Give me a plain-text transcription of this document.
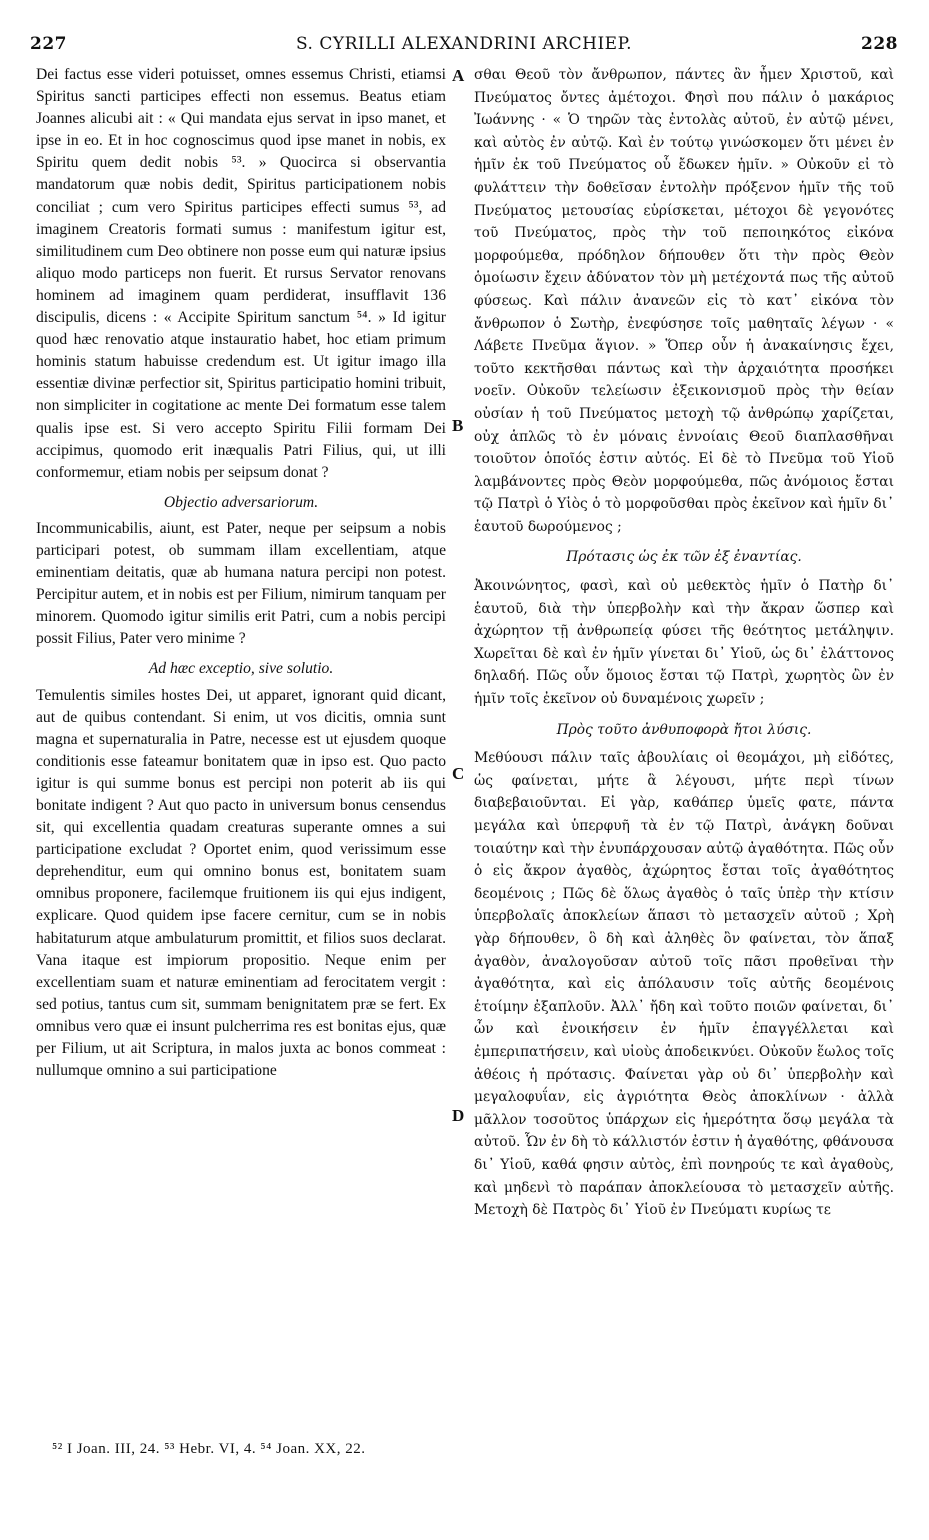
227	S. CYRILLI ALEXANDRINI ARCHIEP.	228

Dei factus esse videri potuisset, omnes essemus Christi, etiamsi Spiritus sancti participes effecti non essemus. Beatus etiam Joannes alicubi ait : « Qui mandata ejus servat in ipso manet, et ipse in eo. Et in hoc cognoscimus quod ipse manet in nobis, ex Spiritu quem dedit nobis ⁵³. » Quocirca si observantia mandatorum quæ nobis dedit, Spiritus participationem nobis conciliat ; cum vero Spiritus participes effecti sumus ⁵³, ad imaginem Creatoris formati sumus : manifestum igitur est, similitudinem cum Deo obtinere non posse eum qui naturæ ipsius aliquo modo particeps non fuerit. Et rursus Servator renovans hominem ad imaginem quam perdiderat, insufflavit 136 discipulis, dicens : « Accipite Spiritum sanctum ⁵⁴. » Id igitur quod hæc renovatio atque instauratio habet, hoc etiam primum hominis statum habuisse credendum est. Ut igitur imago illa essentiæ divinæ perfectior sit, Spiritus participatio homini tribuit, non simpliciter in cogitatione ac mente Dei formatum esse talem qualis ipse est. Si vero accepto Spiritu Filii formam Dei accipimus, quomodo erit inæqualis Patri Filius, qui, ut illi conformemur, etiam nobis per seipsum donat ?

Objectio adversariorum.

Incommunicabilis, aiunt, est Pater, neque per seipsum a nobis participari potest, ob summam illam excellentiam, atque eminentiam deitatis, quæ ab humana natura percipi non potest. Percipitur autem, et in nobis est per Filium, nimirum tanquam per minorem. Quomodo igitur similis erit Patri, cum a nobis percipi possit Filius, Pater vero minime ?

Ad hæc exceptio, sive solutio.

Temulentis similes hostes Dei, ut apparet, ignorant quid dicant, aut de quibus contendant. Si enim, ut vos dicitis, omnia sunt magna et supernaturalia in Patre, necesse est ut ejusdem quoque conditionis esse fateamur bonitatem quæ in ipso est. Quo pacto igitur is qui summe bonus est percipi non poterit ab iis qui bonitate indigent ? Aut quo pacto in universum bonus censendus sit, qui excellentia quadam creaturas superante omnes a sui participatione excludat ? Oportet enim, quod verissimum esse deprehenditur, eum qui omnino bonus est, bonitatem suam omnibus proponere, facilemque fruitionem iis qui ejus indigent, explicare. Quod quidem ipse facere cernitur, cum se in nobis habitaturum atque ambulaturum promittit, et filios suos declarat. Vana itaque est impiorum propositio. Neque enim per excellentiam suam et naturæ eminentiam ad ferocitatem vergit : sed potius, tantus cum sit, summam benignitatem præ se fert. Ex omnibus vero quæ ei insunt pulcherrima res est bonitas ejus, quæ per Filium, ut ait Scriptura, in malos juxta ac bonos commeat : nullumque omnino a sui participatione

A
B
C
D

σθαι Θεοῦ τὸν ἄνθρωπον, πάντες ἂν ἦμεν Χριστοῦ, καὶ Πνεύματος ὄντες ἀμέτοχοι. Φησὶ που πάλιν ὁ μακάριος Ἰωάννης · « Ὁ τηρῶν τὰς ἐντολὰς αὐτοῦ, ἐν αὐτῷ μένει, καὶ αὐτὸς ἐν αὐτῷ. Καὶ ἐν τούτῳ γινώσκομεν ὅτι μένει ἐν ἡμῖν ἐκ τοῦ Πνεύματος οὗ ἔδωκεν ἡμῖν. » Οὐκοῦν εἰ τὸ φυλάττειν τὴν δοθεῖσαν ἐντολὴν πρόξενον ἡμῖν τῆς τοῦ Πνεύματος μετουσίας εὑρίσκεται, μέτοχοι δὲ γεγονότες τοῦ Πνεύματος, πρὸς τὴν τοῦ πεποιηκότος εἰκόνα μορφούμεθα, πρόδηλον δήπουθεν ὅτι τὴν πρὸς Θεὸν ὁμοίωσιν ἔχειν ἀδύνατον τὸν μὴ μετέχοντά πως τῆς αὐτοῦ φύσεως. Καὶ πάλιν ἀνανεῶν εἰς τὸ κατ᾽ εἰκόνα τὸν ἄνθρωπον ὁ Σωτὴρ, ἐνεφύσησε τοῖς μαθηταῖς λέγων · « Λάβετε Πνεῦμα ἅγιον. » Ὅπερ οὖν ἡ ἀνακαίνησις ἔχει, τοῦτο κεκτῆσθαι πάντως καὶ τὴν ἀρχαιότητα προσήκει νοεῖν. Οὐκοῦν τελείωσιν ἐξεικονισμοῦ πρὸς τὴν θείαν οὐσίαν ἡ τοῦ Πνεύματος μετοχὴ τῷ ἀνθρώπῳ χαρίζεται, οὐχ ἁπλῶς τὸ ἐν μόναις ἐννοίαις Θεοῦ διαπλασθῆναι τοιοῦτον ὁποῖός ἐστιν αὐτός. Εἰ δὲ τὸ Πνεῦμα τοῦ Υἱοῦ λαμβάνοντες πρὸς Θεὸν μορφούμεθα, πῶς ἀνόμοιος ἔσται τῷ Πατρὶ ὁ Υἱὸς ὁ τὸ μορφοῦσθαι πρὸς ἐκεῖνον καὶ ἡμῖν δι᾽ ἑαυτοῦ δωρούμενος ;

Πρότασις ὡς ἐκ τῶν ἐξ ἐναντίας.

Ἀκοινώνητος, φασὶ, καὶ οὐ μεθεκτὸς ἡμῖν ὁ Πατὴρ δι᾽ ἑαυτοῦ, διὰ τὴν ὑπερβολὴν καὶ τὴν ἄκραν ὥσπερ καὶ ἀχώρητον τῇ ἀνθρωπείᾳ φύσει τῆς θεότητος μετάληψιν. Χωρεῖται δὲ καὶ ἐν ἡμῖν γίνεται δι᾽ Υἱοῦ, ὡς δι᾽ ἐλάττονος δηλαδή. Πῶς οὖν ὅμοιος ἔσται τῷ Πατρὶ, χωρητὸς ὢν ἐν ἡμῖν τοῖς ἐκεῖνον οὐ δυναμένοις χωρεῖν ;

Πρὸς τοῦτο ἀνθυποφορὰ ἤτοι λύσις.

Μεθύουσι πάλιν ταῖς ἀβουλίαις οἱ θεομάχοι, μὴ εἰδότες, ὡς φαίνεται, μήτε ἃ λέγουσι, μήτε περὶ τίνων διαβεβαιοῦνται. Εἰ γὰρ, καθάπερ ὑμεῖς φατε, πάντα μεγάλα καὶ ὑπερφυῆ τὰ ἐν τῷ Πατρὶ, ἀνάγκη δοῦναι τοιαύτην καὶ τὴν ἐνυπάρχουσαν αὐτῷ ἀγαθότητα. Πῶς οὖν ὁ εἰς ἄκρον ἀγαθὸς, ἀχώρητος ἔσται τοῖς ἀγαθότητος δεομένοις ; Πῶς δὲ ὅλως ἀγαθὸς ὁ ταῖς ὑπὲρ τὴν κτίσιν ὑπερβολαῖς ἀποκλείων ἅπασι τὸ μετασχεῖν αὐτοῦ ; Χρὴ γὰρ δήπουθεν, ὃ δὴ καὶ ἀληθὲς ὂν φαίνεται, τὸν ἅπαξ ἀγαθὸν, ἀναλογοῦσαν αὐτοῦ τοῖς πᾶσι προθεῖναι τὴν ἀγαθότητα, καὶ εἰς ἀπόλαυσιν τοῖς αὐτῆς δεομένοις ἑτοίμην ἐξαπλοῦν. Ἀλλ᾽ ἤδη καὶ τοῦτο ποιῶν φαίνεται, δι᾽ ὧν καὶ ἐνοικήσειν ἐν ἡμῖν ἐπαγγέλλεται καὶ ἐμπεριπατήσειν, καὶ υἱοὺς ἀποδεικνύει. Οὐκοῦν ἕωλος τοῖς ἀθέοις ἡ πρότασις. Φαίνεται γὰρ οὐ δι᾽ ὑπερβολὴν καὶ μεγαλοφυΐαν, εἰς ἀγριότητα Θεὸς ἀποκλίνων · ἀλλὰ μᾶλλον τοσοῦτος ὑπάρχων εἰς ἡμερότητα ὅσῳ μεγάλα τὰ αὐτοῦ. Ὧν ἐν δὴ τὸ κάλλιστόν ἐστιν ἡ ἀγαθότης, φθάνουσα δι᾽ Υἱοῦ, καθά φησιν αὐτὸς, ἐπὶ πονηρούς τε καὶ ἀγαθοὺς, καὶ μηδενὶ τὸ παράπαν ἀποκλείουσα τὸ μετασχεῖν αὐτῆς. Μετοχὴ δὲ Πατρὸς δι᾽ Υἱοῦ ἐν Πνεύματι κυρίως τε

⁵² I Joan. III, 24. ⁵³ Hebr. VI, 4. ⁵⁴ Joan. XX, 22.
